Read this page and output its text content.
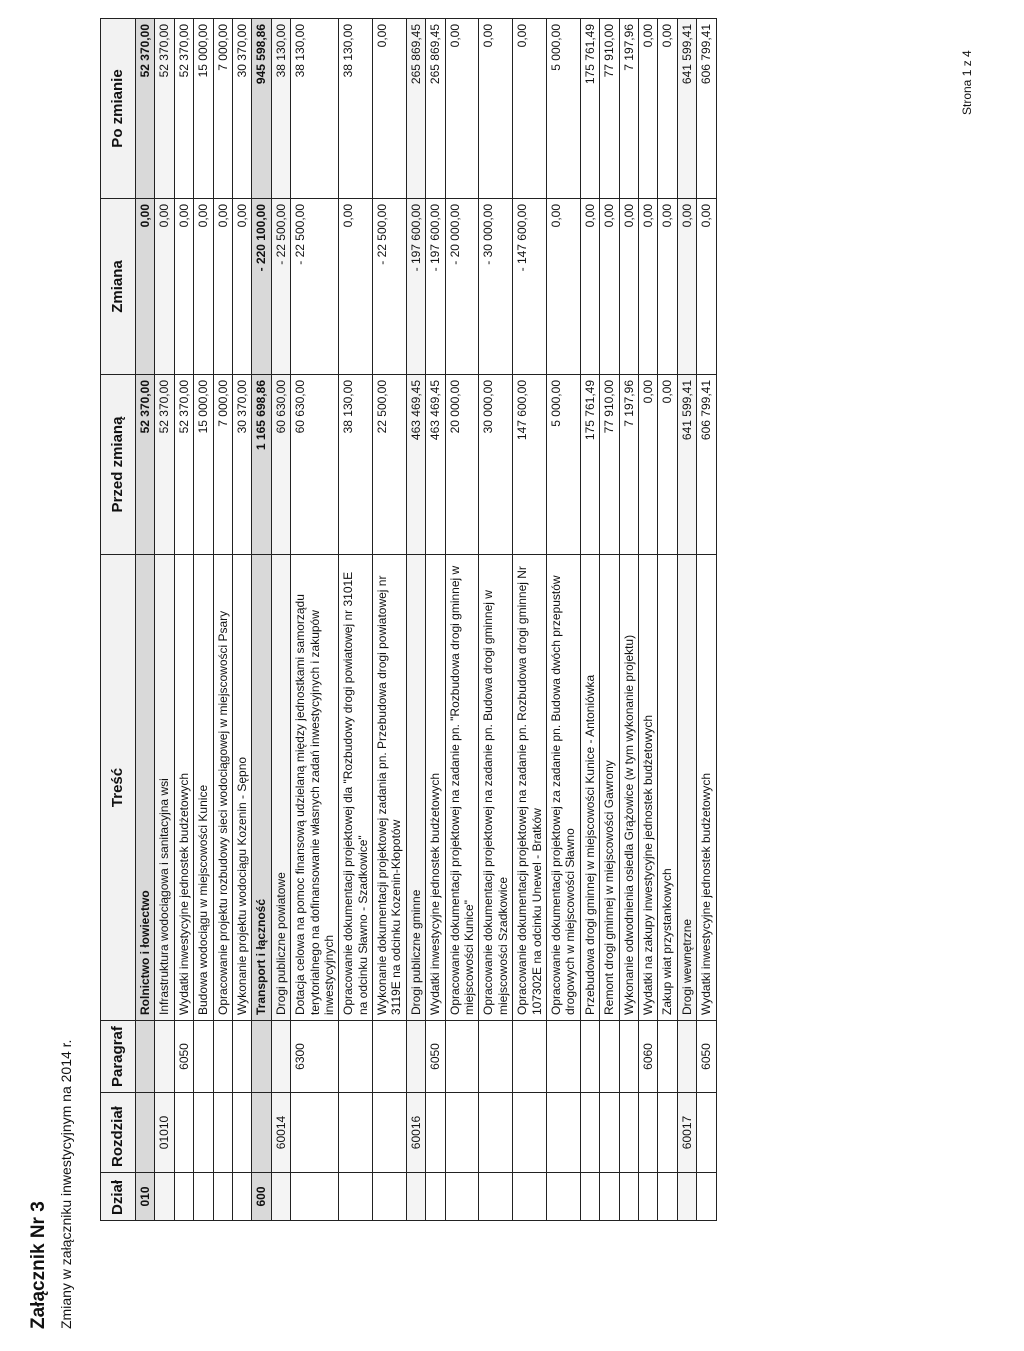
Załącznik Nr 3 Zmiany w załączniku inwestycyjnym na 2014 r. Dział	Rozdział	Paragraf	Treść	Przed zmianą	Zmiana	Po zmianie
010			Rolnictwo i łowiectwo	52 370,00	0,00	52 370,00
	01010		Infrastruktura wodociągowa i sanitacyjna wsi	52 370,00	0,00	52 370,00
		6050	Wydatki inwestycyjne jednostek budżetowych	52 370,00	0,00	52 370,00
			Budowa wodociągu w miejscowości Kunice	15 000,00	0,00	15 000,00
			Opracowanie projektu rozbudowy sieci wodociągowej w miejscowości Psary	7 000,00	0,00	7 000,00
			Wykonanie projektu wodociągu Kozenin - Sępno	30 370,00	0,00	30 370,00
600			Transport i łączność	1 165 698,86	- 220 100,00	945 598,86
	60014		Drogi publiczne powiatowe	60 630,00	- 22 500,00	38 130,00
		6300	Dotacja celowa na pomoc finansową udzielaną między jednostkami samorządu terytorialnego na dofinansowanie własnych zadań inwestycyjnych i zakupów inwestycyjnych	60 630,00	- 22 500,00	38 130,00
			Opracowanie dokumentacji projektowej dla "Rozbudowy drogi powiatowej nr 3101E na odcinku Sławno - Szadkowice"	38 130,00	0,00	38 130,00
			Wykonanie dokumentacji projektowej zadania pn. Przebudowa drogi powiatowej nr 3119E na odcinku Kozenin-Kłopotów	22 500,00	- 22 500,00	0,00
	60016		Drogi publiczne gminne	463 469,45	- 197 600,00	265 869,45
		6050	Wydatki inwestycyjne jednostek budżetowych	463 469,45	- 197 600,00	265 869,45
			Opracowanie dokumentacji projektowej na zadanie pn. "Rozbudowa drogi gminnej w miejscowości Kunice"	20 000,00	- 20 000,00	0,00
			Opracowanie dokumentacji projektowej na zadanie pn. Budowa drogi gminnej w miejscowości Szadkowice	30 000,00	- 30 000,00	0,00
			Opracowanie dokumentacji projektowej na zadanie pn. Rozbudowa drogi gminnej Nr 107302E na odcinku Unewel - Bratków	147 600,00	- 147 600,00	0,00
			Opracowanie dokumentacji projektowej za zadanie pn. Budowa dwóch przepustów drogowych w miejscowości Sławno	5 000,00	0,00	5 000,00
			Przebudowa drogi gminnej w miejscowości Kunice - Antoniówka	175 761,49	0,00	175 761,49
			Remont drogi gminnej w miejscowości Gawrony	77 910,00	0,00	77 910,00
			Wykonanie odwodnienia osiedla Grążowice (w tym wykonanie projektu)	7 197,96	0,00	7 197,96
		6060	Wydatki na zakupy inwestycyjne jednostek budżetowych	0,00	0,00	0,00
			Zakup wiat przystankowych	0,00	0,00	0,00
	60017		Drogi wewnętrzne	641 599,41	0,00	641 599,41
		6050	Wydatki inwestycyjne jednostek budżetowych	606 799,41	0,00	606 799,41	Strona 1 z 4
